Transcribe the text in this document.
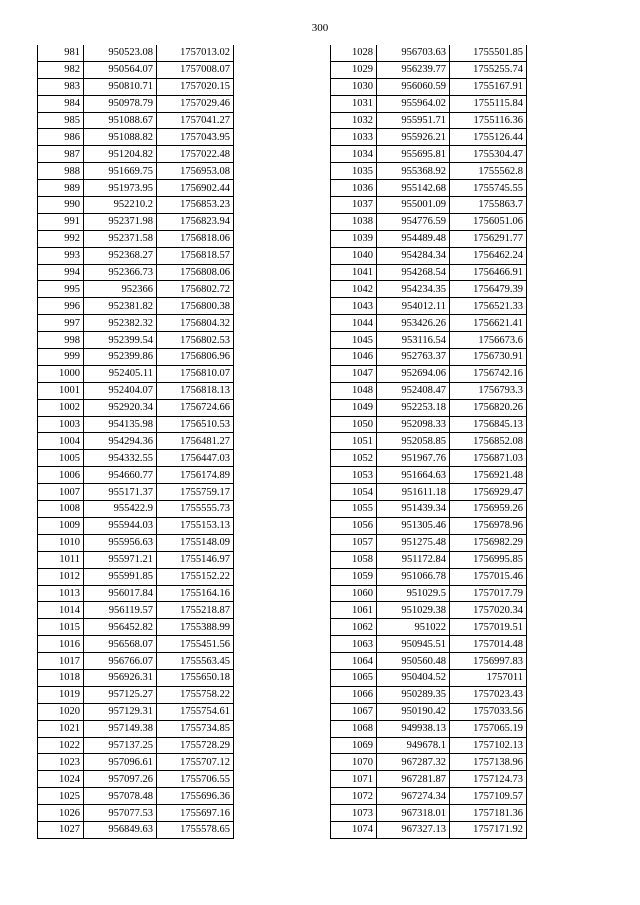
300
981	950523.08	1757013.02
982	950564.07	1757008.07
983	950810.71	1757020.15
984	950978.79	1757029.46
985	951088.67	1757041.27
986	951088.82	1757043.95
987	951204.82	1757022.48
988	951669.75	1756953.08
989	951973.95	1756902.44
990	952210.2	1756853.23
991	952371.98	1756823.94
992	952371.58	1756818.06
993	952368.27	1756818.57
994	952366.73	1756808.06
995	952366	1756802.72
996	952381.82	1756800.38
997	952382.32	1756804.32
998	952399.54	1756802.53
999	952399.86	1756806.96
1000	952405.11	1756810.07
1001	952404.07	1756818.13
1002	952920.34	1756724.66
1003	954135.98	1756510.53
1004	954294.36	1756481.27
1005	954332.55	1756447.03
1006	954660.77	1756174.89
1007	955171.37	1755759.17
1008	955422.9	1755555.73
1009	955944.03	1755153.13
1010	955956.63	1755148.09
1011	955971.21	1755146.97
1012	955991.85	1755152.22
1013	956017.84	1755164.16
1014	956119.57	1755218.87
1015	956452.82	1755388.99
1016	956568.07	1755451.56
1017	956766.07	1755563.45
1018	956926.31	1755650.18
1019	957125.27	1755758.22
1020	957129.31	1755754.61
1021	957149.38	1755734.85
1022	957137.25	1755728.29
1023	957096.61	1755707.12
1024	957097.26	1755706.55
1025	957078.48	1755696.36
1026	957077.53	1755697.16
1027	956849.63	1755578.65
1028	956703.63	1755501.85
1029	956239.77	1755255.74
1030	956060.59	1755167.91
1031	955964.02	1755115.84
1032	955951.71	1755116.36
1033	955926.21	1755126.44
1034	955695.81	1755304.47
1035	955368.92	1755562.8
1036	955142.68	1755745.55
1037	955001.09	1755863.7
1038	954776.59	1756051.06
1039	954489.48	1756291.77
1040	954284.34	1756462.24
1041	954268.54	1756466.91
1042	954234.35	1756479.39
1043	954012.11	1756521.33
1044	953426.26	1756621.41
1045	953116.54	1756673.6
1046	952763.37	1756730.91
1047	952694.06	1756742.16
1048	952408.47	1756793.3
1049	952253.18	1756820.26
1050	952098.33	1756845.13
1051	952058.85	1756852.08
1052	951967.76	1756871.03
1053	951664.63	1756921.48
1054	951611.18	1756929.47
1055	951439.34	1756959.26
1056	951305.46	1756978.96
1057	951275.48	1756982.29
1058	951172.84	1756995.85
1059	951066.78	1757015.46
1060	951029.5	1757017.79
1061	951029.38	1757020.34
1062	951022	1757019.51
1063	950945.51	1757014.48
1064	950560.48	1756997.83
1065	950404.52	1757011
1066	950289.35	1757023.43
1067	950190.42	1757033.56
1068	949938.13	1757065.19
1069	949678.1	1757102.13
1070	967287.32	1757138.96
1071	967281.87	1757124.73
1072	967274.34	1757109.57
1073	967318.01	1757181.36
1074	967327.13	1757171.92
